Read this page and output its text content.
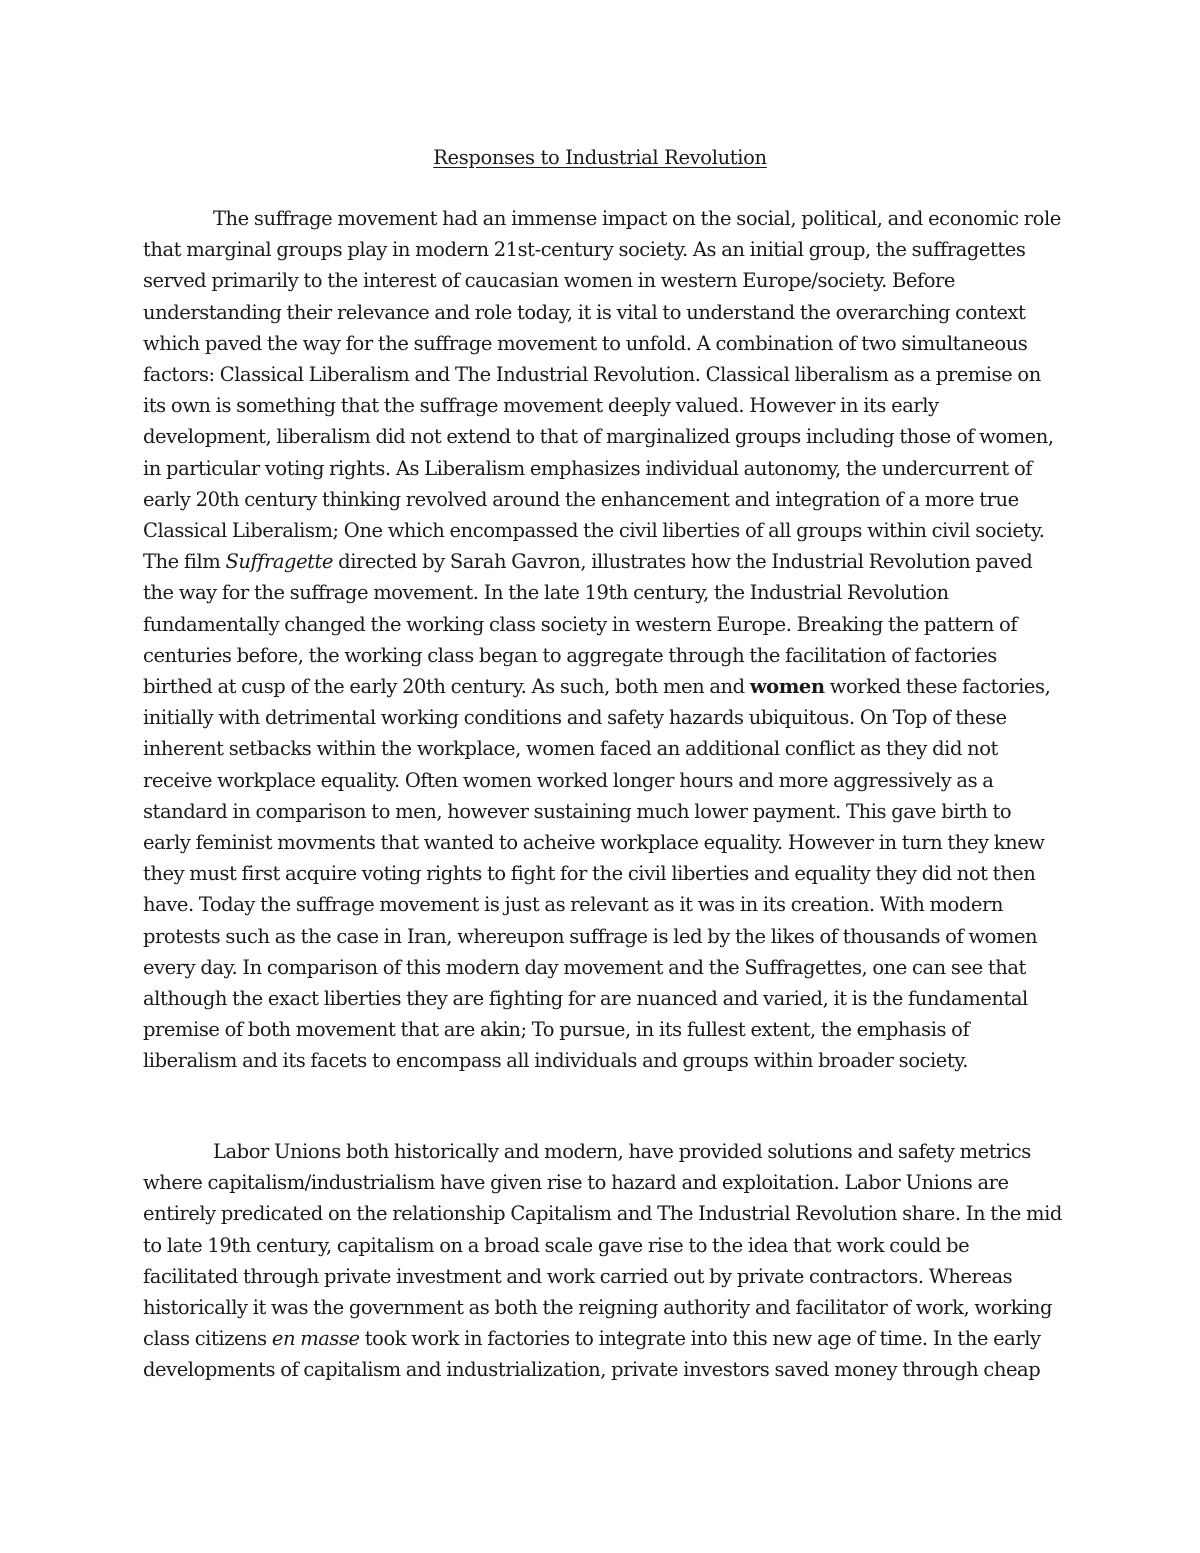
Responses to Industrial Revolution

The suffrage movement had an immense impact on the social, political, and economic role that marginal groups play in modern 21st-century society. As an initial group, the suffragettes served primarily to the interest of caucasian women in western Europe/society. Before understanding their relevance and role today, it is vital to understand the overarching context which paved the way for the suffrage movement to unfold. A combination of two simultaneous factors: Classical Liberalism and The Industrial Revolution. Classical liberalism as a premise on its own is something that the suffrage movement deeply valued. However in its early development, liberalism did not extend to that of marginalized groups including those of women, in particular voting rights. As Liberalism emphasizes individual autonomy, the undercurrent of early 20th century thinking revolved around the enhancement and integration of a more true Classical Liberalism; One which encompassed the civil liberties of all groups within civil society. The film Suffragette directed by Sarah Gavron, illustrates how the Industrial Revolution paved the way for the suffrage movement. In the late 19th century, the Industrial Revolution fundamentally changed the working class society in western Europe. Breaking the pattern of centuries before, the working class began to aggregate through the facilitation of factories birthed at cusp of the early 20th century. As such, both men and women worked these factories, initially with detrimental working conditions and safety hazards ubiquitous. On Top of these inherent setbacks within the workplace, women faced an additional conflict as they did not receive workplace equality. Often women worked longer hours and more aggressively as a standard in comparison to men, however sustaining much lower payment. This gave birth to early feminist movments that wanted to acheive workplace equality. However in turn they knew they must first acquire voting rights to fight for the civil liberties and equality they did not then have. Today the suffrage movement is just as relevant as it was in its creation. With modern protests such as the case in Iran, whereupon suffrage is led by the likes of thousands of women every day. In comparison of this modern day movement and the Suffragettes, one can see that although the exact liberties they are fighting for are nuanced and varied, it is the fundamental premise of both movement that are akin; To pursue, in its fullest extent, the emphasis of liberalism and its facets to encompass all individuals and groups within broader society.

Labor Unions both historically and modern, have provided solutions and safety metrics where capitalism/industrialism have given rise to hazard and exploitation. Labor Unions are entirely predicated on the relationship Capitalism and The Industrial Revolution share. In the mid to late 19th century, capitalism on a broad scale gave rise to the idea that work could be facilitated through private investment and work carried out by private contractors. Whereas historically it was the government as both the reigning authority and facilitator of work, working class citizens en masse took work in factories to integrate into this new age of time. In the early developments of capitalism and industrialization, private investors saved money through cheap
